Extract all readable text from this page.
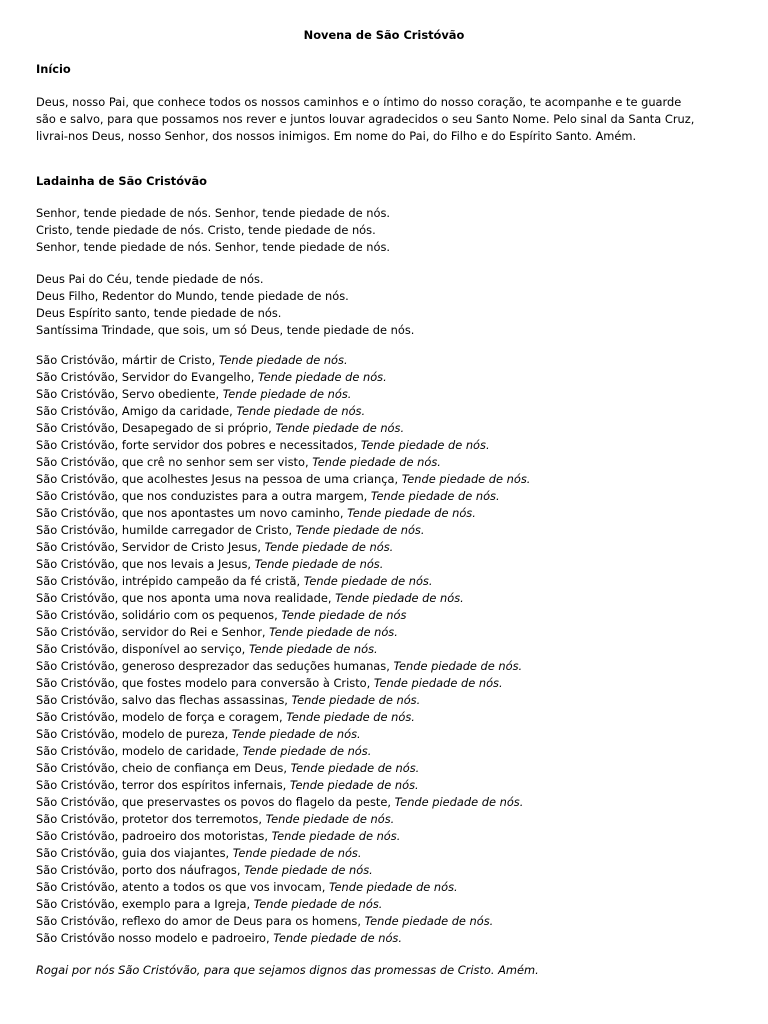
Novena de São Cristóvão
Início
Deus, nosso Pai, que conhece todos os nossos caminhos e o íntimo do nosso coração, te acompanhe e te guarde
são e salvo, para que possamos nos rever e juntos louvar agradecidos o seu Santo Nome. Pelo sinal da Santa Cruz,
livrai-nos Deus, nosso Senhor, dos nossos inimigos. Em nome do Pai, do Filho e do Espírito Santo. Amém.
Ladainha de São Cristóvão
Senhor, tende piedade de nós. Senhor, tende piedade de nós.
Cristo, tende piedade de nós. Cristo, tende piedade de nós.
Senhor, tende piedade de nós. Senhor, tende piedade de nós.
Deus Pai do Céu, tende piedade de nós.
Deus Filho, Redentor do Mundo, tende piedade de nós.
Deus Espírito santo, tende piedade de nós.
Santíssima Trindade, que sois, um só Deus, tende piedade de nós.
São Cristóvão, mártir de Cristo, Tende piedade de nós.
São Cristóvão, Servidor do Evangelho, Tende piedade de nós.
São Cristóvão, Servo obediente, Tende piedade de nós.
São Cristóvão, Amigo da caridade, Tende piedade de nós.
São Cristóvão, Desapegado de si próprio, Tende piedade de nós.
São Cristóvão, forte servidor dos pobres e necessitados, Tende piedade de nós.
São Cristóvão, que crê no senhor sem ser visto, Tende piedade de nós.
São Cristóvão, que acolhestes Jesus na pessoa de uma criança, Tende piedade de nós.
São Cristóvão, que nos conduzistes para a outra margem, Tende piedade de nós.
São Cristóvão, que nos apontastes um novo caminho, Tende piedade de nós.
São Cristóvão, humilde carregador de Cristo, Tende piedade de nós.
São Cristóvão, Servidor de Cristo Jesus, Tende piedade de nós.
São Cristóvão, que nos levais a Jesus, Tende piedade de nós.
São Cristóvão, intrépido campeão da fé cristã, Tende piedade de nós.
São Cristóvão, que nos aponta uma nova realidade, Tende piedade de nós.
São Cristóvão, solidário com os pequenos, Tende piedade de nós
São Cristóvão, servidor do Rei e Senhor, Tende piedade de nós.
São Cristóvão, disponível ao serviço, Tende piedade de nós.
São Cristóvão, generoso desprezador das seduções humanas, Tende piedade de nós.
São Cristóvão, que fostes modelo para conversão à Cristo, Tende piedade de nós.
São Cristóvão, salvo das flechas assassinas, Tende piedade de nós.
São Cristóvão, modelo de força e coragem, Tende piedade de nós.
São Cristóvão, modelo de pureza, Tende piedade de nós.
São Cristóvão, modelo de caridade, Tende piedade de nós.
São Cristóvão, cheio de confiança em Deus, Tende piedade de nós.
São Cristóvão, terror dos espíritos infernais, Tende piedade de nós.
São Cristóvão, que preservastes os povos do flagelo da peste, Tende piedade de nós.
São Cristóvão, protetor dos terremotos, Tende piedade de nós.
São Cristóvão, padroeiro dos motoristas, Tende piedade de nós.
São Cristóvão, guia dos viajantes, Tende piedade de nós.
São Cristóvão, porto dos náufragos, Tende piedade de nós.
São Cristóvão, atento a todos os que vos invocam, Tende piedade de nós.
São Cristóvão, exemplo para a Igreja, Tende piedade de nós.
São Cristóvão, reflexo do amor de Deus para os homens, Tende piedade de nós.
São Cristóvão nosso modelo e padroeiro, Tende piedade de nós.

Rogai por nós São Cristóvão, para que sejamos dignos das promessas de Cristo. Amém.
